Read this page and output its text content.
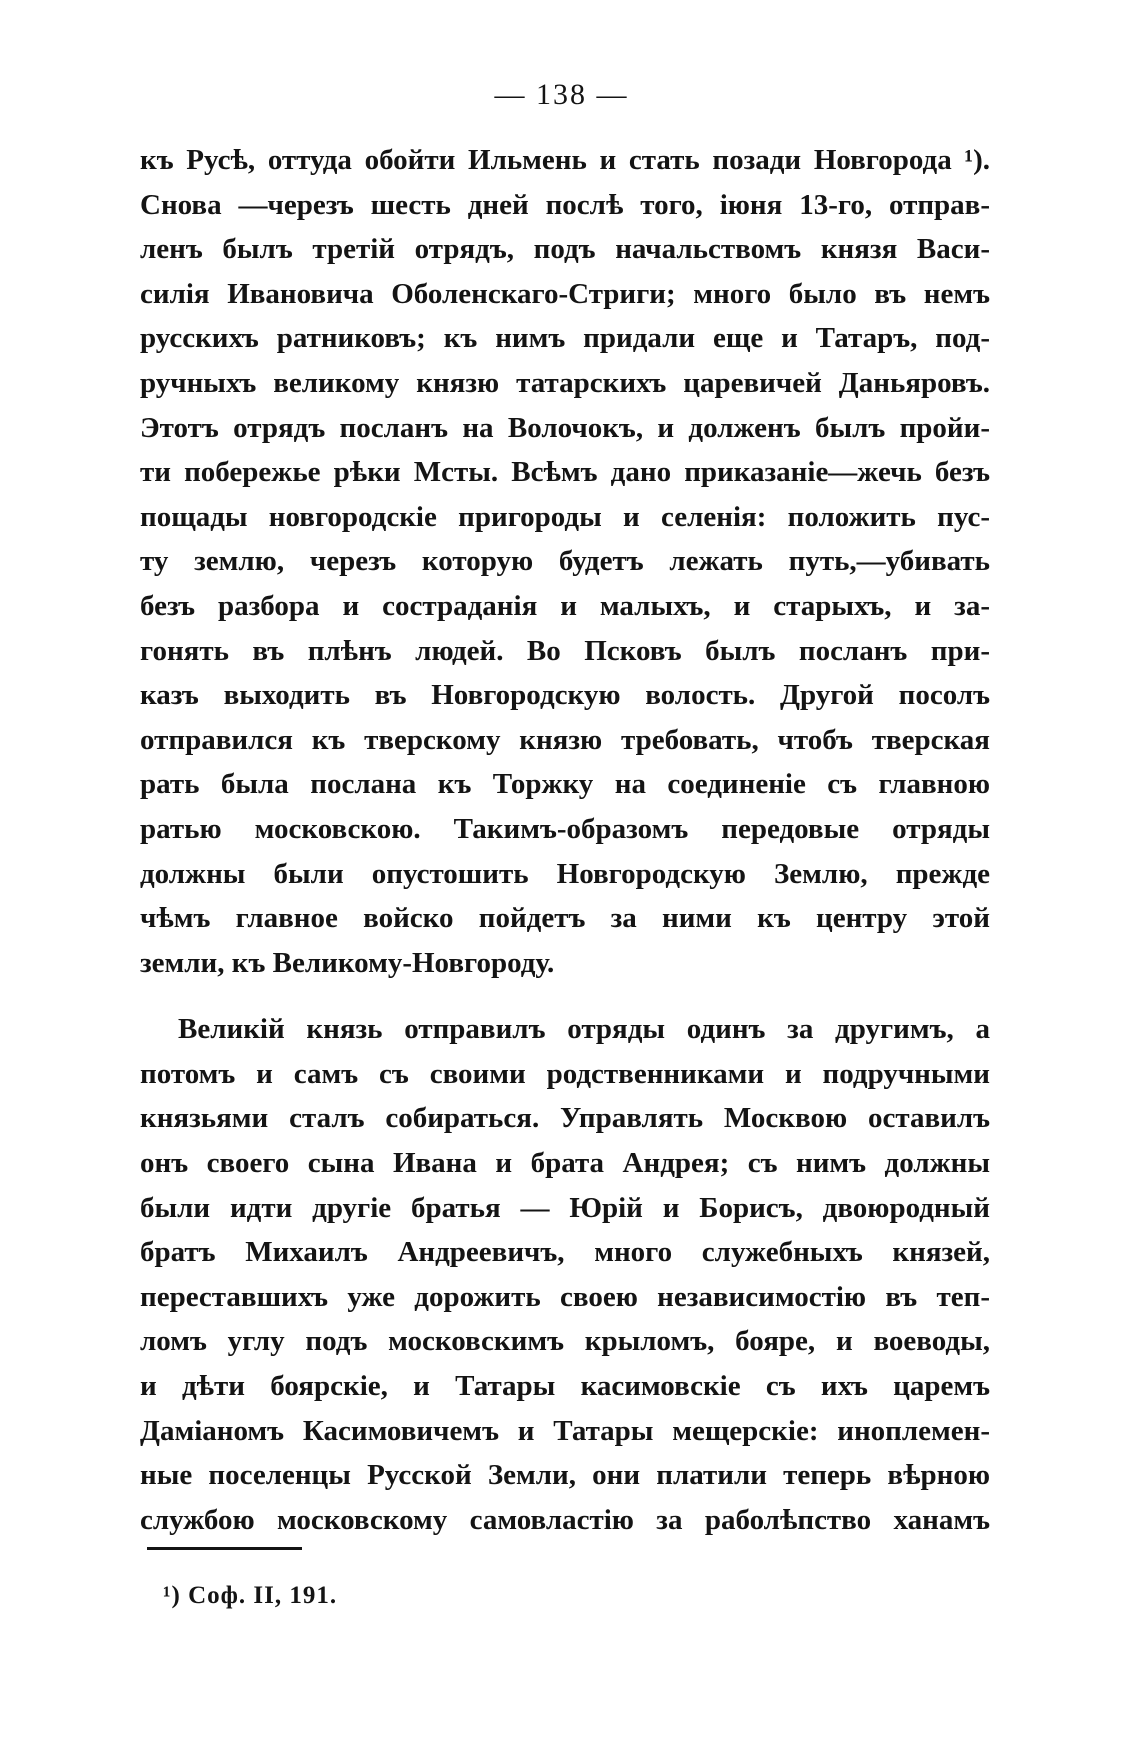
— 138 —
къ Русѣ, оттуда обойти Ильмень и стать позади Новгорода ¹).
Снова —черезъ шесть дней послѣ того, іюня 13-го, отправ-
ленъ былъ третій отрядъ, подъ начальствомъ князя Васи-
силія Ивановича Оболенскаго-Стриги; много было въ немъ
русскихъ ратниковъ; къ нимъ придали еще и Татаръ, под-
ручныхъ великому князю татарскихъ царевичей Даньяровъ.
Этотъ отрядъ посланъ на Волочокъ, и долженъ былъ пройи-
ти побережье рѣки Мсты. Всѣмъ дано приказаніе—жечь безъ
пощады новгородскіе пригороды и селенія: положить пус-
ту землю, черезъ которую будетъ лежать путь,—убивать
безъ разбора и состраданія и малыхъ, и старыхъ, и за-
гонять въ плѣнъ людей. Во Псковъ былъ посланъ при-
казъ выходить въ Новгородскую волость. Другой посолъ
отправился къ тверскому князю требовать, чтобъ тверская
рать была послана къ Торжку на соединеніе съ главною
ратью московскою. Такимъ-образомъ передовые отряды
должны были опустошить Новгородскую Землю, прежде
чѣмъ главное войско пойдетъ за ними къ центру этой
земли, къ Великому-Новгороду.
Великій князь отправилъ отряды одинъ за другимъ, а
потомъ и самъ съ своими родственниками и подручными
князьями сталъ собираться. Управлять Москвою оставилъ
онъ своего сына Ивана и брата Андрея; съ нимъ должны
были идти другіе братья — Юрій и Борисъ, двоюродный
братъ Михаилъ Андреевичъ, много служебныхъ князей,
переставшихъ уже дорожить своею независимостію въ теп-
ломъ углу подъ московскимъ крыломъ, бояре, и воеводы,
и дѣти боярскіе, и Татары касимовскіе съ ихъ царемъ
Даміаномъ Касимовичемъ и Татары мещерскіе: иноплемен-
ные поселенцы Русской Земли, они платили теперь вѣрною
службою московскому самовластію за раболѣпство ханамъ
¹) Соф. II, 191.
